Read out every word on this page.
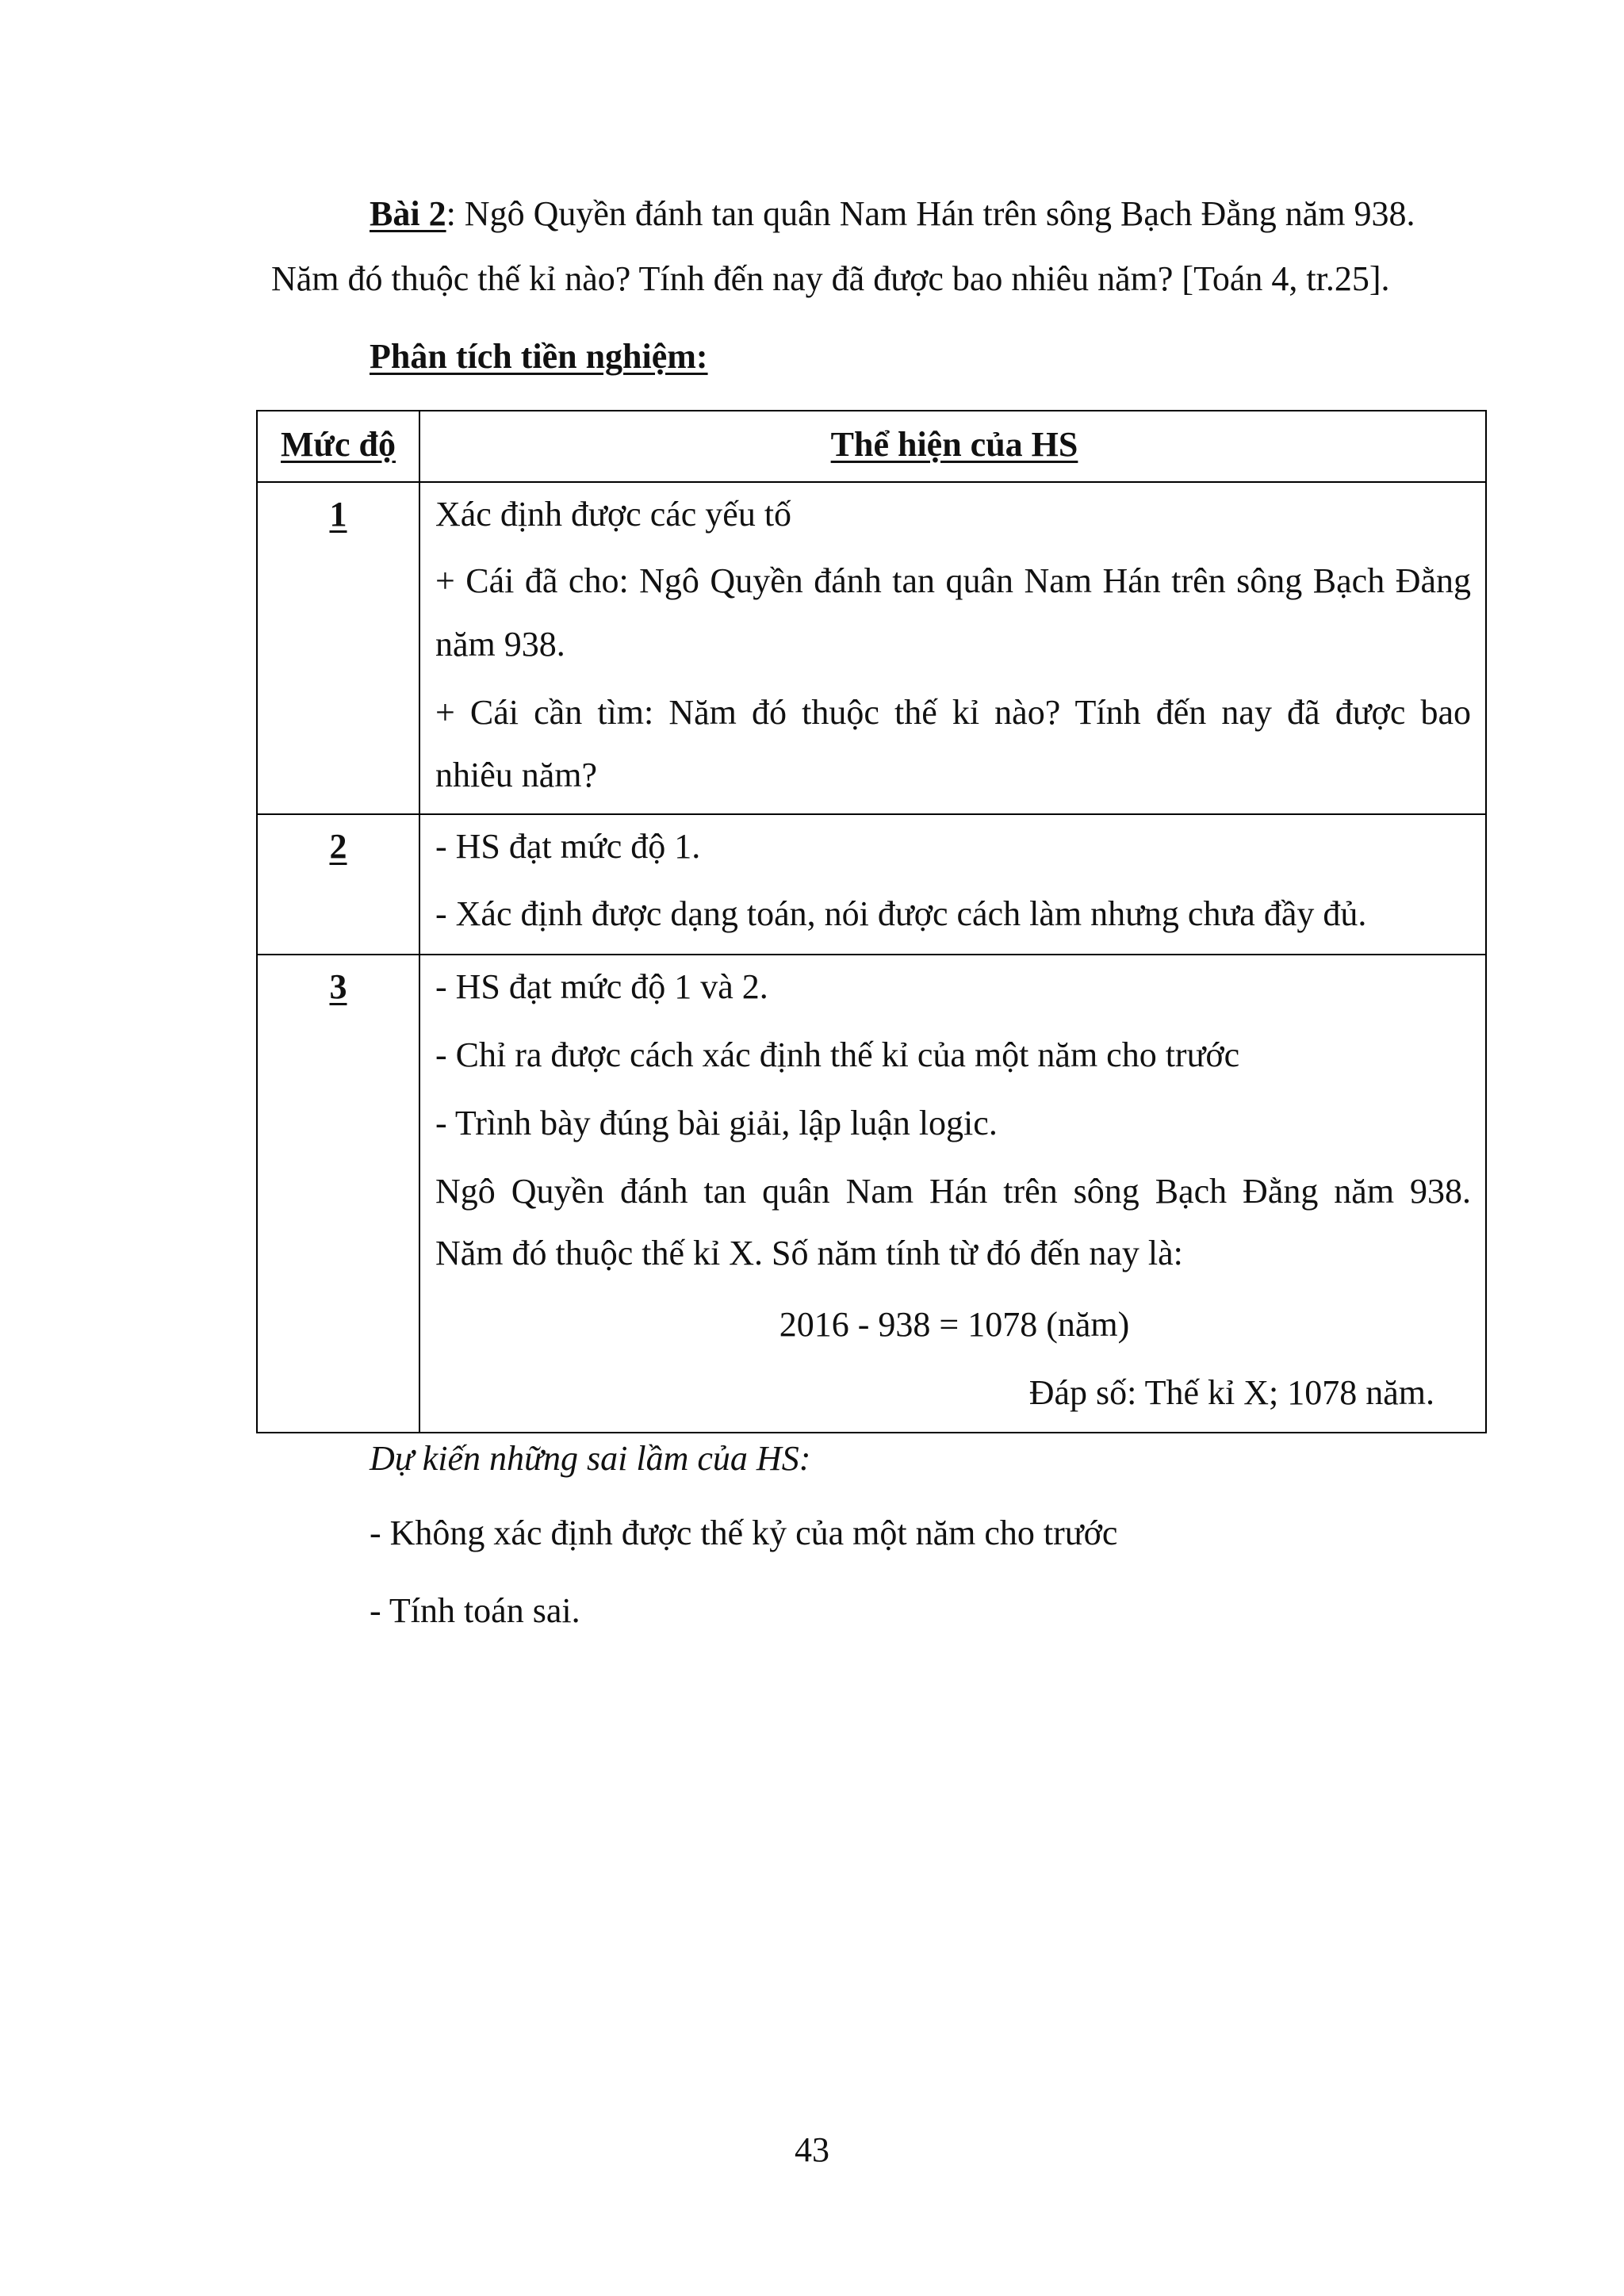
Bài 2: Ngô Quyền đánh tan quân Nam Hán trên sông Bạch Đằng năm 938.
Năm đó thuộc thế kỉ nào? Tính đến nay đã được bao nhiêu năm? [Toán 4, tr.25].
Phân tích tiền nghiệm:
Mức độ	Thể hiện của HS
1	Xác định được các yếu tố
+ Cái đã cho: Ngô Quyền đánh tan quân Nam Hán trên sông Bạch Đằng
năm 938.
+ Cái cần tìm: Năm đó thuộc thế kỉ nào? Tính đến nay đã được bao
nhiêu năm?
2	- HS đạt mức độ 1.
- Xác định được dạng toán, nói được cách làm nhưng chưa đầy đủ.
3	- HS đạt mức độ 1 và 2.
- Chỉ ra được cách xác định thế kỉ của một năm cho trước
- Trình bày đúng bài giải, lập luận logic.
Ngô Quyền đánh tan quân Nam Hán trên sông Bạch Đằng năm 938.
Năm đó thuộc thế kỉ X. Số năm tính từ đó đến nay là:
2016 - 938 = 1078 (năm)
Đáp số: Thế kỉ X; 1078 năm.
Dự kiến những sai lầm của HS:
- Không xác định được thế kỷ của một năm cho trước
- Tính toán sai.
43
